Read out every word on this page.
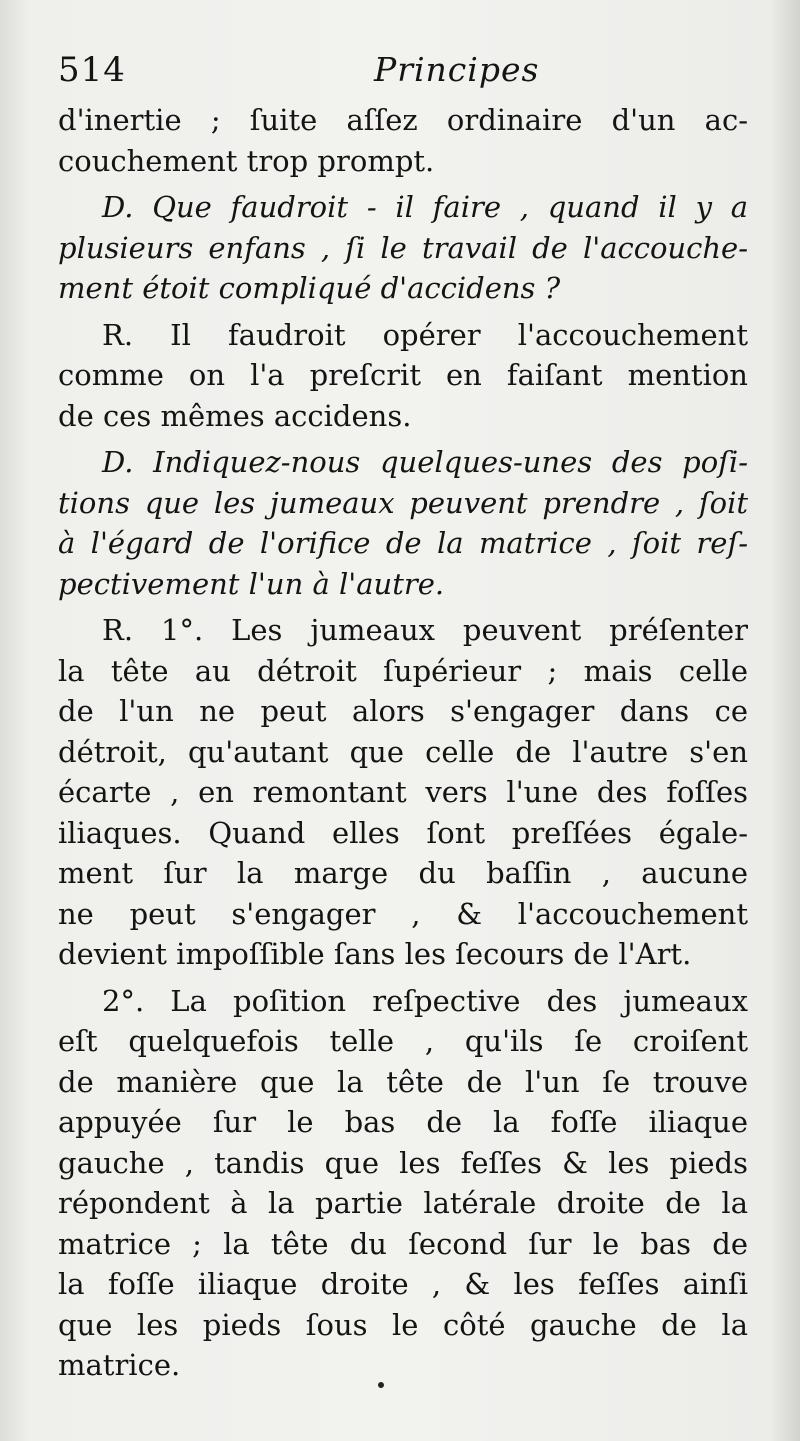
514	Principes
d'inertie ; ſuite aſſez ordinaire d'un ac-
couchement trop prompt.
D. Que faudroit - il faire , quand il y a
plusieurs enfans , ſi le travail de l'accouche-
ment étoit compliqué d'accidens ?
R. Il faudroit opérer l'accouchement
comme on l'a preſcrit en faiſant mention
de ces mêmes accidens.
D. Indiquez-nous quelques-unes des poſi-
tions que les jumeaux peuvent prendre , ſoit
à l'égard de l'orifice de la matrice , ſoit reſ-
pectivement l'un à l'autre.
R. 1°. Les jumeaux peuvent préſenter
la tête au détroit ſupérieur ; mais celle
de l'un ne peut alors s'engager dans ce
détroit, qu'autant que celle de l'autre s'en
écarte , en remontant vers l'une des foſſes
iliaques. Quand elles ſont preſſées égale-
ment ſur la marge du baſſin , aucune
ne peut s'engager , & l'accouchement
devient impoſſible ſans les ſecours de l'Art.
2°. La poſition reſpective des jumeaux
eſt quelquefois telle , qu'ils ſe croiſent
de manière que la tête de l'un ſe trouve
appuyée ſur le bas de la foſſe iliaque
gauche , tandis que les feſſes & les pieds
répondent à la partie latérale droite de la
matrice ; la tête du ſecond ſur le bas de
la foſſe iliaque droite , & les feſſes ainſi
que les pieds ſous le côté gauche de la
matrice.
